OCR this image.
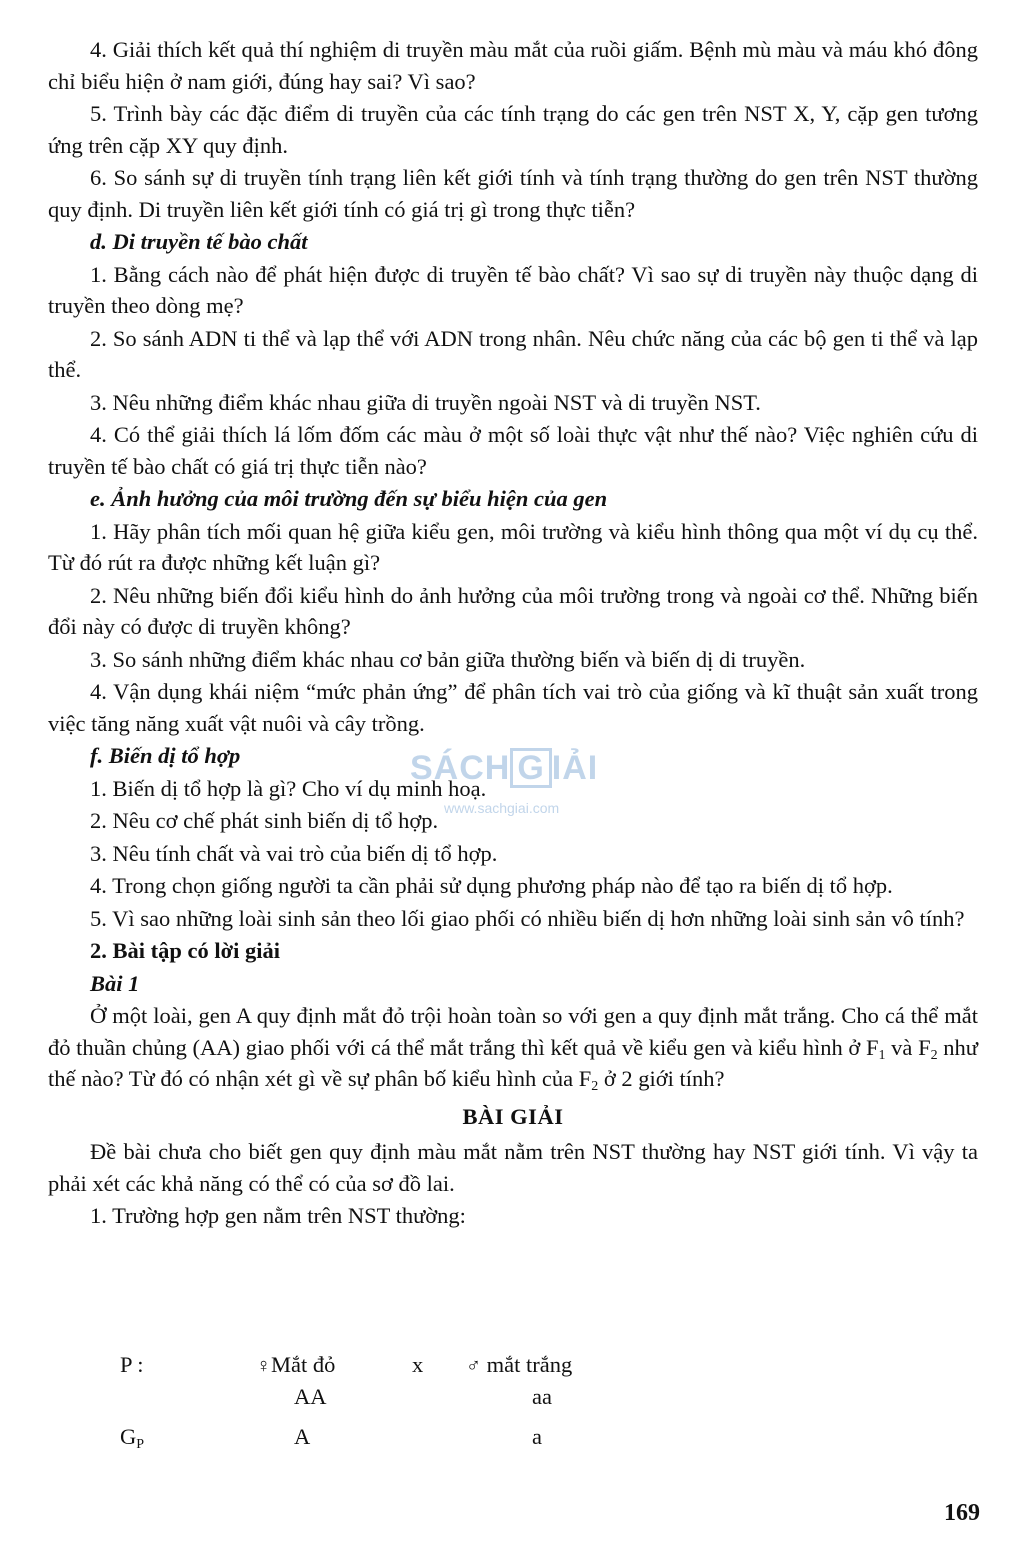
4. Giải thích kết quả thí nghiệm di truyền màu mắt của ruồi giấm. Bệnh mù màu và máu khó đông chỉ biểu hiện ở nam giới, đúng hay sai? Vì sao?

5. Trình bày các đặc điểm di truyền của các tính trạng do các gen trên NST X, Y, cặp gen tương ứng trên cặp XY quy định.

6. So sánh sự di truyền tính trạng liên kết giới tính và tính trạng thường do gen trên NST thường quy định. Di truyền liên kết giới tính có giá trị gì trong thực tiễn?

d. Di truyền tế bào chất

1. Bằng cách nào để phát hiện được di truyền tế bào chất? Vì sao sự di truyền này thuộc dạng di truyền theo dòng mẹ?

2. So sánh ADN ti thể và lạp thể với ADN trong nhân. Nêu chức năng của các bộ gen ti thể và lạp thể.

3. Nêu những điểm khác nhau giữa di truyền ngoài NST và di truyền NST.

4. Có thể giải thích lá lốm đốm các màu ở một số loài thực vật như thế nào? Việc nghiên cứu di truyền tế bào chất có giá trị thực tiễn nào?

e. Ảnh hưởng của môi trường đến sự biểu hiện của gen

1. Hãy phân tích mối quan hệ giữa kiểu gen, môi trường và kiểu hình thông qua một ví dụ cụ thể. Từ đó rút ra được những kết luận gì?

2. Nêu những biến đổi kiểu hình do ảnh hưởng của môi trường trong và ngoài cơ thể. Những biến đổi này có được di truyền không?

3. So sánh những điểm khác nhau cơ bản giữa thường biến và biến dị di truyền.

4. Vận dụng khái niệm “mức phản ứng” để phân tích vai trò của giống và kĩ thuật sản xuất trong việc tăng năng xuất vật nuôi và cây trồng.

f. Biến dị tổ hợp

1. Biến dị tổ hợp là gì? Cho ví dụ minh hoạ.

2. Nêu cơ chế phát sinh biến dị tổ hợp.

3. Nêu tính chất và vai trò của biến dị tổ hợp.

4. Trong chọn giống người ta cần phải sử dụng phương pháp nào để tạo ra biến dị tổ hợp.

5. Vì sao những loài sinh sản theo lối giao phối có nhiều biến dị hơn những loài sinh sản vô tính?

2. Bài tập có lời giải

Bài 1

Ở một loài, gen A quy định mắt đỏ trội hoàn toàn so với gen a quy định mắt trắng. Cho cá thể mắt đỏ thuần chủng (AA) giao phối với cá thể mắt trắng thì kết quả về kiểu gen và kiểu hình ở $F_1$ và $F_2$ như thế nào? Từ đó có nhận xét gì về sự phân bố kiểu hình của $F_2$ ở 2 giới tính?

BÀI GIẢI

Đề bài chưa cho biết gen quy định màu mắt nằm trên NST thường hay NST giới tính. Vì vậy ta phải xét các khả năng có thể có của sơ đồ lai.

1. Trường hợp gen nằm trên NST thường:

P :	♀Mắt đỏ	x ♂ mắt trắng
AA	aa
$G_P$	A	a
SÁCH G IẢI
www.sachgiai.com
169
